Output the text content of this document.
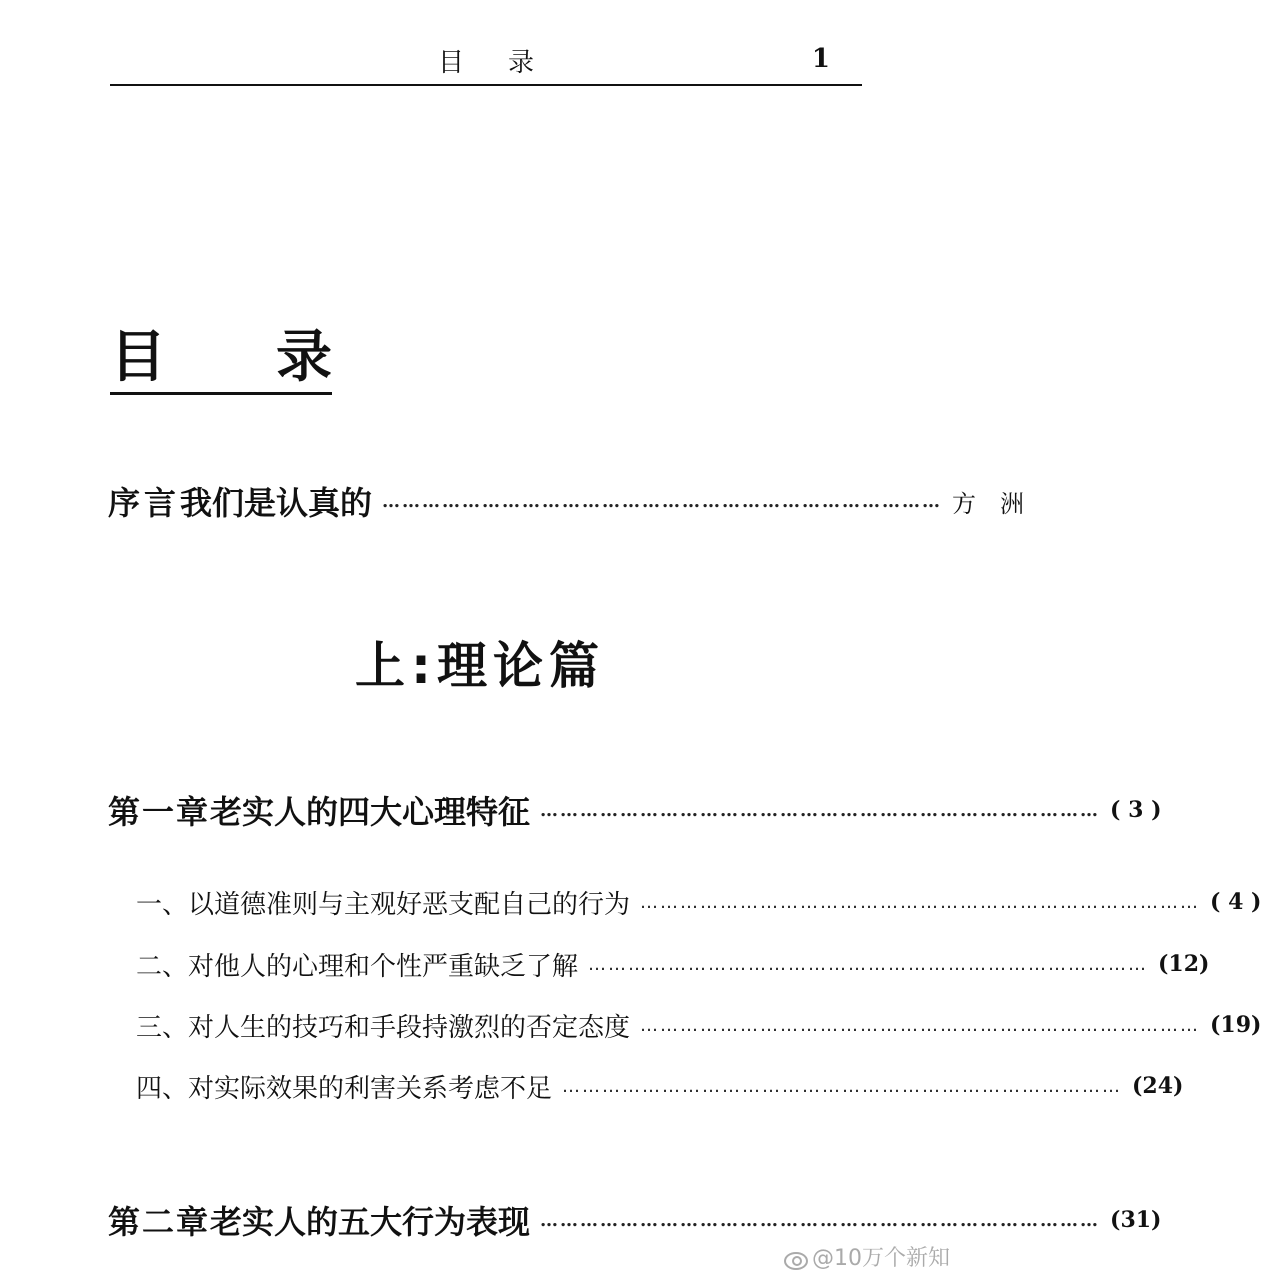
目录	1
目 录
序言 我们是认真的 ………………………………………………………………………… 方洲
上:理论篇
第一章 老实人的四大心理特征 ………………………………………………………………………… ( 3 )
一、以道德准则与主观好恶支配自己的行为 ………………………………………………………………………… ( 4 )
二、对他人的心理和个性严重缺乏了解 ………………………………………………………………………… (12)
三、对人生的技巧和手段持激烈的否定态度 ………………………………………………………………………… (19)
四、对实际效果的利害关系考虑不足 ………………………………………………………………………… (24)
第二章 老实人的五大行为表现 ………………………………………………………………………… (31)
@10万个新知
